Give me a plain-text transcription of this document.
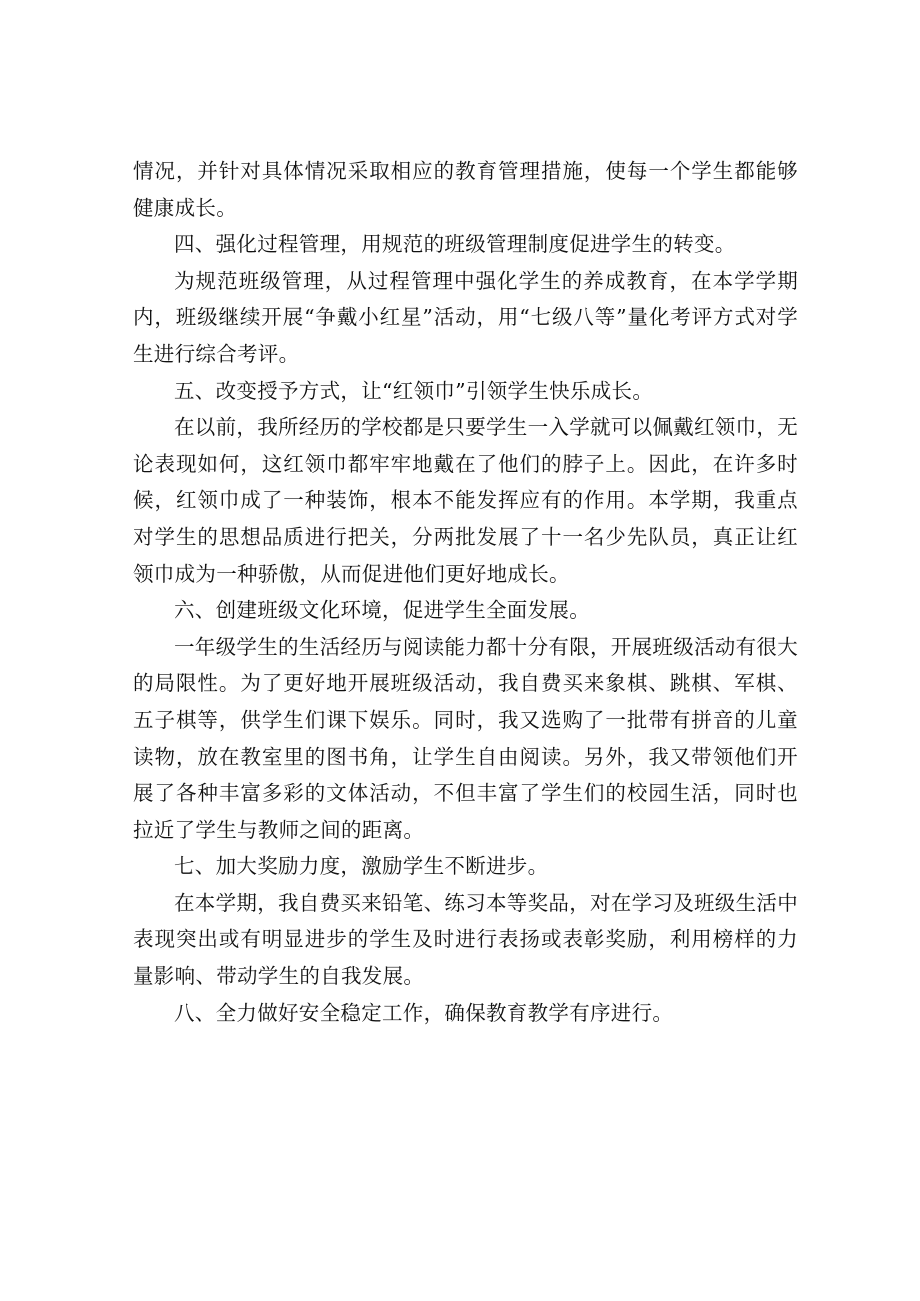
情况，并针对具体情况采取相应的教育管理措施，使每一个学生都能够健康成长。

四、强化过程管理，用规范的班级管理制度促进学生的转变。

为规范班级管理，从过程管理中强化学生的养成教育，在本学学期内，班级继续开展“争戴小红星”活动，用“七级八等”量化考评方式对学生进行综合考评。

五、改变授予方式，让“红领巾”引领学生快乐成长。

在以前，我所经历的学校都是只要学生一入学就可以佩戴红领巾，无论表现如何，这红领巾都牢牢地戴在了他们的脖子上。因此，在许多时候，红领巾成了一种装饰，根本不能发挥应有的作用。本学期，我重点对学生的思想品质进行把关，分两批发展了十一名少先队员，真正让红领巾成为一种骄傲，从而促进他们更好地成长。

六、创建班级文化环境，促进学生全面发展。

一年级学生的生活经历与阅读能力都十分有限，开展班级活动有很大的局限性。为了更好地开展班级活动，我自费买来象棋、跳棋、军棋、五子棋等，供学生们课下娱乐。同时，我又选购了一批带有拼音的儿童读物，放在教室里的图书角，让学生自由阅读。另外，我又带领他们开展了各种丰富多彩的文体活动，不但丰富了学生们的校园生活，同时也拉近了学生与教师之间的距离。

七、加大奖励力度，激励学生不断进步。

在本学期，我自费买来铅笔、练习本等奖品，对在学习及班级生活中表现突出或有明显进步的学生及时进行表扬或表彰奖励，利用榜样的力量影响、带动学生的自我发展。

八、全力做好安全稳定工作，确保教育教学有序进行。
